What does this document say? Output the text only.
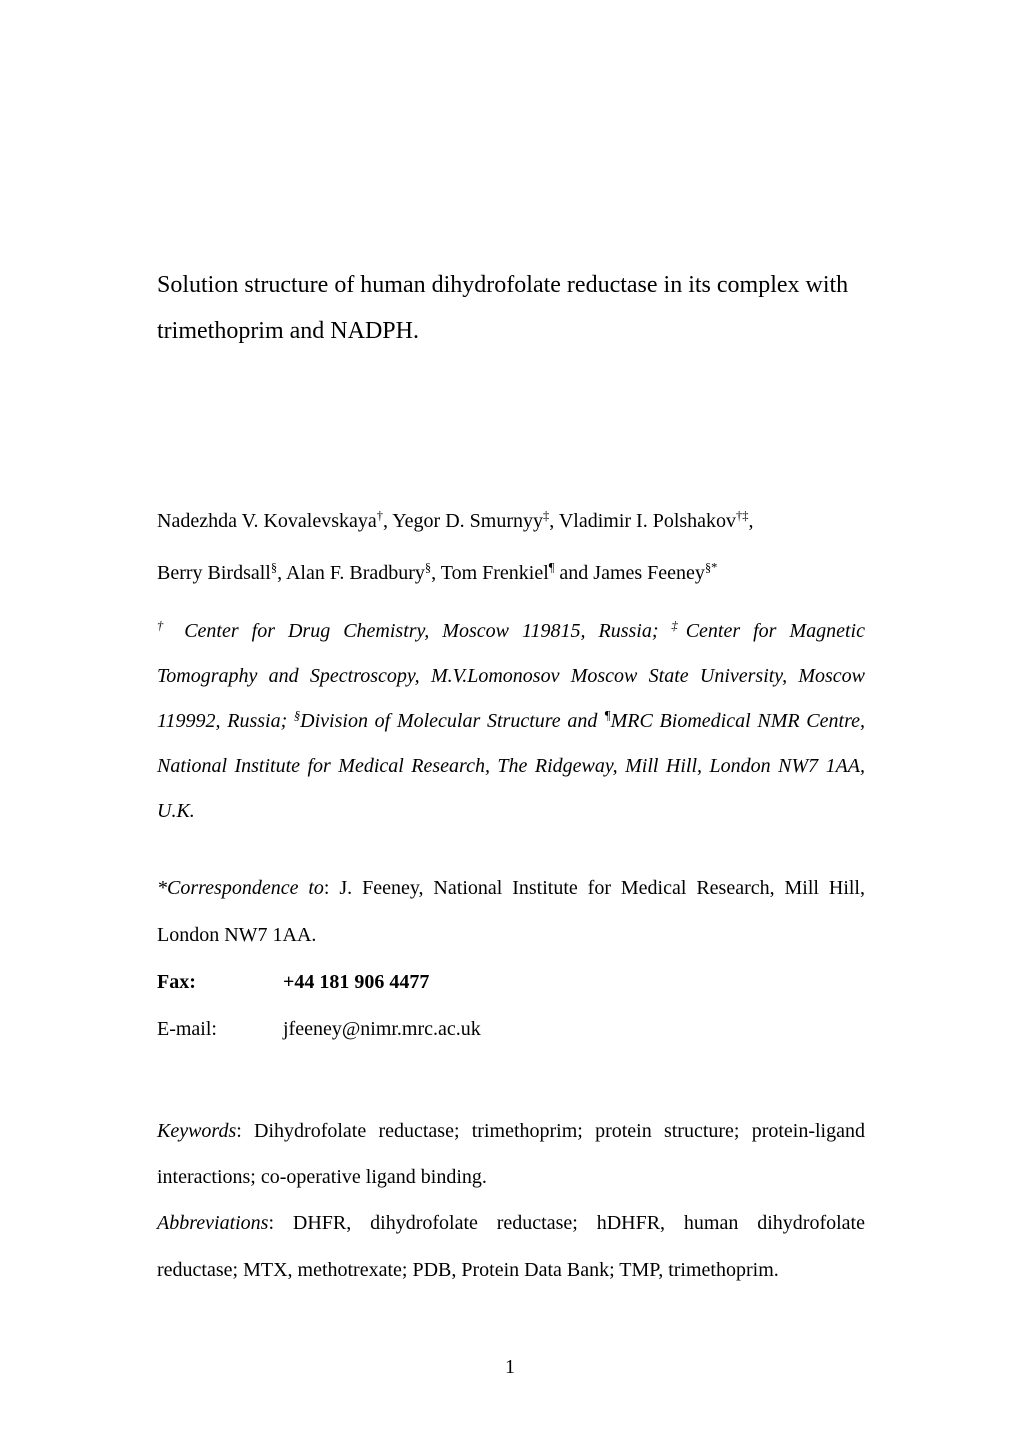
Solution structure of human dihydrofolate reductase in its complex with trimethoprim and NADPH.
Nadezhda V. Kovalevskaya†, Yegor D. Smurnyy‡, Vladimir I. Polshakov†‡,
Berry Birdsall§, Alan F. Bradbury§, Tom Frenkiel¶ and James Feeney§*

† Center for Drug Chemistry, Moscow 119815, Russia; ‡Center for Magnetic Tomography and Spectroscopy, M.V.Lomonosov Moscow State University, Moscow 119992, Russia; §Division of Molecular Structure and ¶MRC Biomedical NMR Centre, National Institute for Medical Research, The Ridgeway, Mill Hill, London NW7 1AA, U.K.

*Correspondence to: J. Feeney, National Institute for Medical Research, Mill Hill, London NW7 1AA.

Fax:	+44 181 906 4477
E-mail:	jfeeney@nimr.mrc.ac.uk

Keywords: Dihydrofolate reductase; trimethoprim; protein structure; protein-ligand interactions; co-operative ligand binding.

Abbreviations: DHFR, dihydrofolate reductase; hDHFR, human dihydrofolate reductase; MTX, methotrexate; PDB, Protein Data Bank; TMP, trimethoprim.

1
